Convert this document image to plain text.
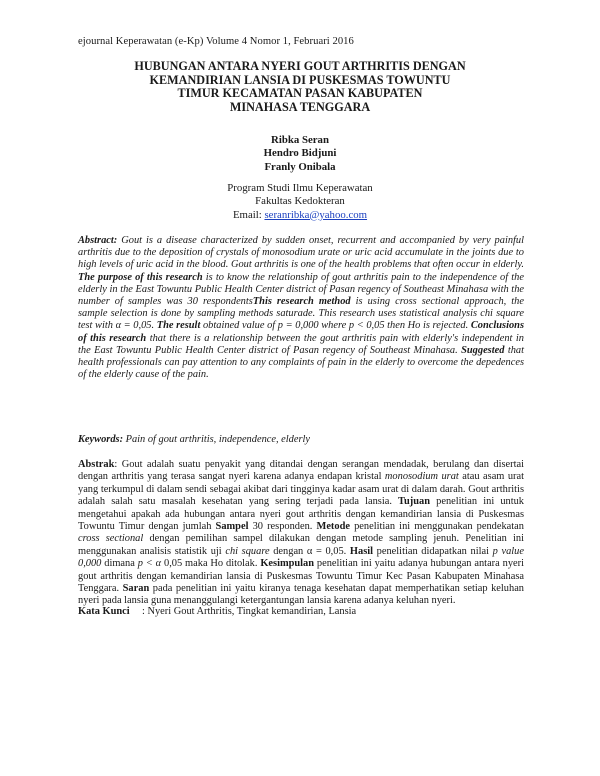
ejournal Keperawatan (e-Kp) Volume 4 Nomor 1, Februari 2016
HUBUNGAN ANTARA NYERI GOUT ARTHRITIS DENGAN
KEMANDIRIAN LANSIA DI PUSKESMAS TOWUNTU
TIMUR KECAMATAN PASAN KABUPATEN
MINAHASA TENGGARA
Ribka Seran
Hendro Bidjuni
Franly Onibala
Program Studi Ilmu Keperawatan
Fakultas Kedokteran
Email: seranribka@yahoo.com
Abstract: Gout is a disease characterized by sudden onset, recurrent and accompanied by very painful arthritis due to the deposition of crystals of monosodium urate or uric acid accumulate in the joints due to high levels of uric acid in the blood. Gout arthritis is one of the health problems that often occur in elderly. The purpose of this research is to know the relationship of gout arthritis pain to the independence of the elderly in the East Towuntu Public Health Center district of Pasan regency of Southeast Minahasa with the number of samples was 30 respondentsThis research method is using cross sectional approach, the sample selection is done by sampling methods saturade. This research uses statistical analysis chi square test with α = 0,05. The result obtained value of p = 0,000 where p < 0,05 then Ho is rejected. Conclusions of this research that there is a relationship between the gout arthritis pain with elderly's independent in the East Towuntu Public Health Center district of Pasan regency of Southeast Minahasa. Suggested that health professionals can pay attention to any complaints of pain in the elderly to overcome the depedences of the elderly cause of the pain.
Keywords: Pain of gout arthritis, independence, elderly
Abstrak: Gout adalah suatu penyakit yang ditandai dengan serangan mendadak, berulang dan disertai dengan arthritis yang terasa sangat nyeri karena adanya endapan kristal monosodium urat atau asam urat yang terkumpul di dalam sendi sebagai akibat dari tingginya kadar asam urat di dalam darah. Gout arthritis adalah salah satu masalah kesehatan yang sering terjadi pada lansia. Tujuan penelitian ini untuk mengetahui apakah ada hubungan antara nyeri gout arthritis dengan kemandirian lansia di Puskesmas Towuntu Timur dengan jumlah Sampel 30 responden. Metode penelitian ini menggunakan pendekatan cross sectional dengan pemilihan sampel dilakukan dengan metode sampling jenuh. Penelitian ini menggunakan analisis statistik uji chi square dengan α = 0,05. Hasil penelitian didapatkan nilai p value 0,000 dimana p < α 0,05 maka Ho ditolak. Kesimpulan penelitian ini yaitu adanya hubungan antara nyeri gout arthritis dengan kemandirian lansia di Puskesmas Towuntu Timur Kec Pasan Kabupaten Minahasa Tenggara. Saran pada penelitian ini yaitu kiranya tenaga kesehatan dapat memperhatikan setiap keluhan nyeri pada lansia guna menanggulangi ketergantungan lansia karena adanya keluhan nyeri.
Kata Kunci : Nyeri Gout Arthritis, Tingkat kemandirian, Lansia
